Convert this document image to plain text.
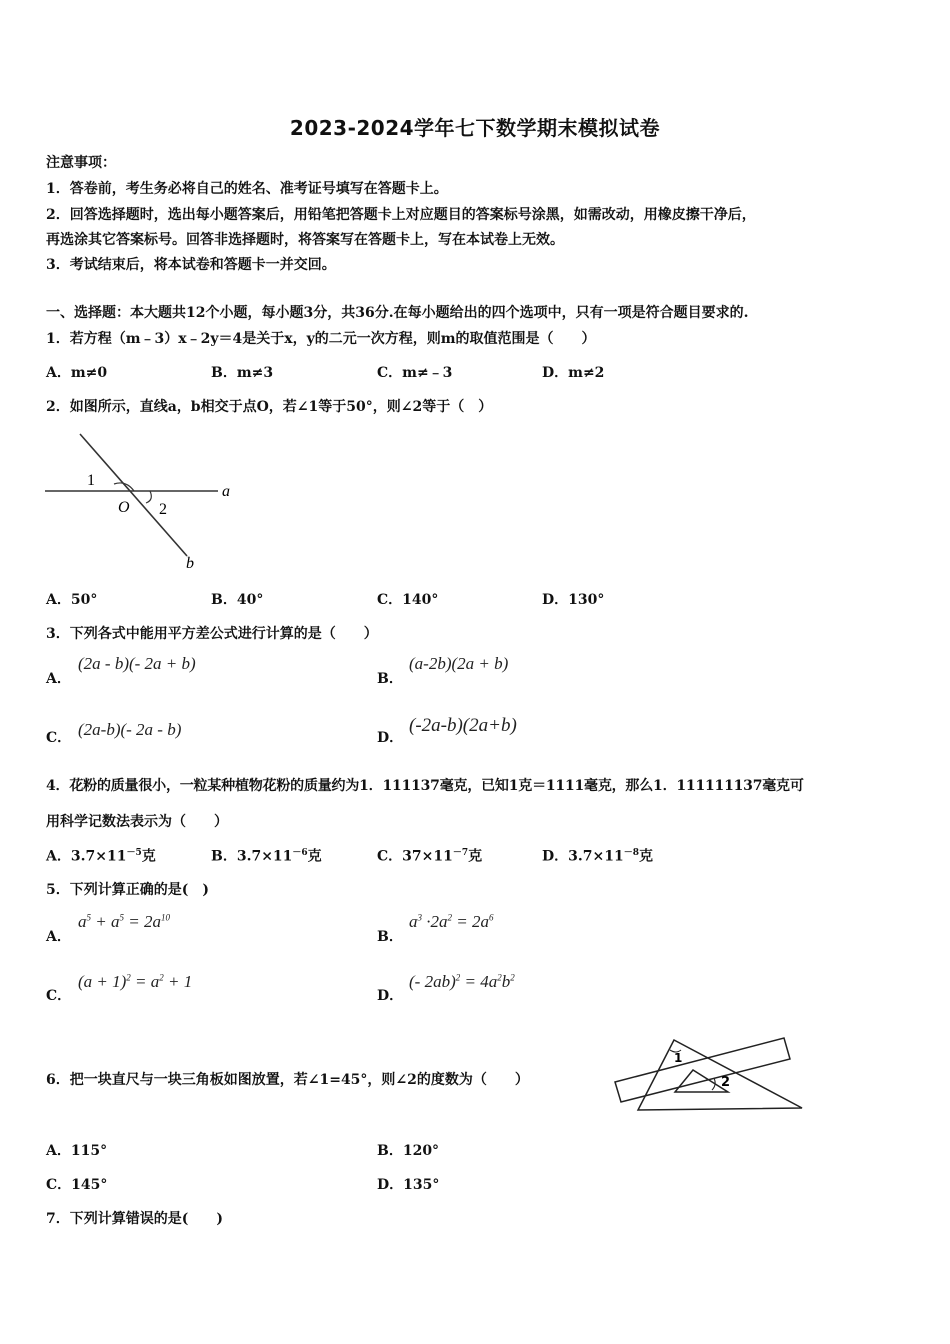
2023-2024学年七下数学期末模拟试卷
注意事项：
1．答卷前，考生务必将自己的姓名、准考证号填写在答题卡上。
2．回答选择题时，选出每小题答案后，用铅笔把答题卡上对应题目的答案标号涂黑，如需改动，用橡皮擦干净后，
再选涂其它答案标号。回答非选择题时，将答案写在答题卡上，写在本试卷上无效。
3．考试结束后，将本试卷和答题卡一并交回。
一、选择题：本大题共12个小题，每小题3分，共36分.在每小题给出的四个选项中，只有一项是符合题目要求的.
1．若方程（m﹣3）x﹣2y＝4是关于x，y的二元一次方程，则m的取值范围是（　　）
A．m≠0	B．m≠3	C．m≠﹣3	D．m≠2
2．如图所示，直线a，b相交于点O，若∠1等于50°，则∠2等于（　）
1
O 2
a
b
A．50°	B．40°	C．140°	D．130°
3．下列各式中能用平方差公式进行计算的是（　　）
A．
(2a - b)(- 2a + b)
B．
(a-2b)(2a + b)
C． (2a-b)(- 2a - b)	D．
(-2a-b)(2a+b)
4．花粉的质量很小，一粒某种植物花粉的质量约为1．111137毫克，已知1克＝1111毫克，那么1．111111137毫克可
用科学记数法表示为（　　）
A．$3.7\times 11^{-5}$克	B．$3.7\times 11^{-6}$克	C．$37\times 11^{-7}$克	D．$3.7\times 11^{-8}$克
5．下列计算正确的是(　)
A．
$a^5 + a^5 = 2a^{10}$
B．
$a^3 \cdot 2a^2 = 2a^6$
C．
$(a + 1)^2 = a^2 + 1$
D．
(- $2ab)^2 = 4a^2b^2$
6．把一块直尺与一块三角板如图放置，若∠1=45°，则∠2的度数为（　　）
1
2
A．115°	B．120°
C．145°	D．135°
7．下列计算错误的是(　　)
